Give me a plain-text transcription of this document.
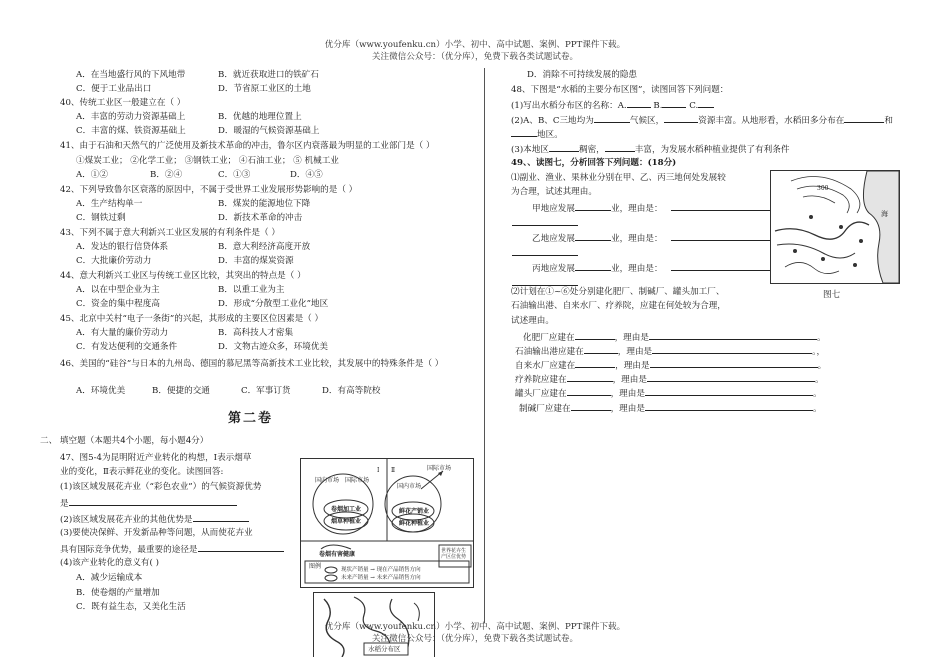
优分库（www.youfenku.cn）小学、初中、高中试题、案例、PPT课件下载。
关注微信公众号：（优分库），免费下载各类试题试卷。
A．在当地盛行风的下风地带	B．就近获取进口的铁矿石
C．便于工业品出口	D．节省原工业区的土地
40、传统工业区一般建立在（ ）
A．丰富的劳动力资源基础上	B．优越的地理位置上
C．丰富的煤、铁资源基础上	D．暖湿的气候资源基础上
41、由于石油和天然气的广泛使用及新技术革命的冲击，鲁尔区内衰落最为明显的工业部门是（ ）
①煤炭工业； ②化学工业； ③钢铁工业； ④石油工业； ⑤ 机械工业
A．①②	B．②④	C．①③	D．④⑤
42、下列导致鲁尔区衰落的原因中，不属于受世界工业发展形势影响的是（ ）
A．生产结构单一	B．煤炭的能源地位下降
C．钢铁过剩	D．新技术革命的冲击
43、下列不属于意大利新兴工业区发展的有利条件是（ ）
A．发达的银行信贷体系	B．意大利经济高度开放
C．大批廉价劳动力	D．丰富的煤炭资源
44、意大利新兴工业区与传统工业区比较，其突出的特点是（ ）
A．以在中型企业为主	B．以重工业为主
C．资金的集中程度高	D．形成“分散型工业化”地区
45、北京中关村“电子一条街”的兴起，其形成的主要区位因素是（ ）
A．有大量的廉价劳动力	B．高科技人才密集
C．有发达便利的交通条件	D．文物古迹众多，环境优美
46、美国的“硅谷”与日本的九州岛、德国的慕尼黑等高新技术工业比较，其发展中的特殊条件是（ ）
A．环境优美	B．便捷的交通	C．军事订货	D．有高等院校
第二卷
二、 填空题（本题共4个小题，每小题4分）
47、图5-4为昆明附近产业转化的构想，Ⅰ表示烟草
业的变化，Ⅱ表示鲜花业的变化。读图回答:
(1)该区域发展花卉业（“彩色农业”）的气候资源优势
是
(2)该区域发展花卉业的其他优势是
(3)要使决保鲜、开发新品种等问题，从而使花卉业
具有国际竞争优势，最重要的途径是
(4)该产业转化的意义有( )
A．减少运输成本
B．使卷烟的产量增加
C．既有益生态，又美化生活
国内市场 国际市场
国际市场
国内市场
卷烟加工业
烟草种植业
鲜花产销业
鲜花种植业
Ⅰ Ⅱ
卷烟有害健康	世界花卉生产区位优势
图例	现状产销量 → 现在产品销售方向
未来产销量 → 未来产品销售方向
水稻分布区
D．消除不可持续发展的隐患
48、下图是“水稻的主要分布区图”，读图回答下列问题：
(1)写出水稻分布区的名称：A.	B.	C.
(2)A、B、C三地均为	气候区，	资源丰富。从地形看，水稻田多分布在	和
地区。
(3)本地区	稠密，	丰富，为发展水稻种植业提供了有利条件
49、、读图七，分析回答下列问题：(18分)
⑴副业、渔业、果林业分别在甲、乙、丙三地何处发展较
为合理，试述其理由。
甲地应发展	业，理由是：
乙地应发展	业，理由是：
丙地应发展	业，理由是：
⑵计划在①~⑥处分别建化肥厂、制碱厂、罐头加工厂、
石油输出港、自来水厂、疗养院，应建在何处较为合理，
试述理由。
化肥厂应建在	，理由是	。
石油输出港应建在	，理由是	。，
自来水厂应建在	，理由是	。
疗养院应建在	，理由是	。
罐头厂应建在	，理由是	。
制碱厂应建在	，理由是	。
300
海
图七
优分库（www.youfenku.cn）小学、初中、高中试题、案例、PPT课件下载。
关注微信公众号：（优分库），免费下载各类试题试卷。
